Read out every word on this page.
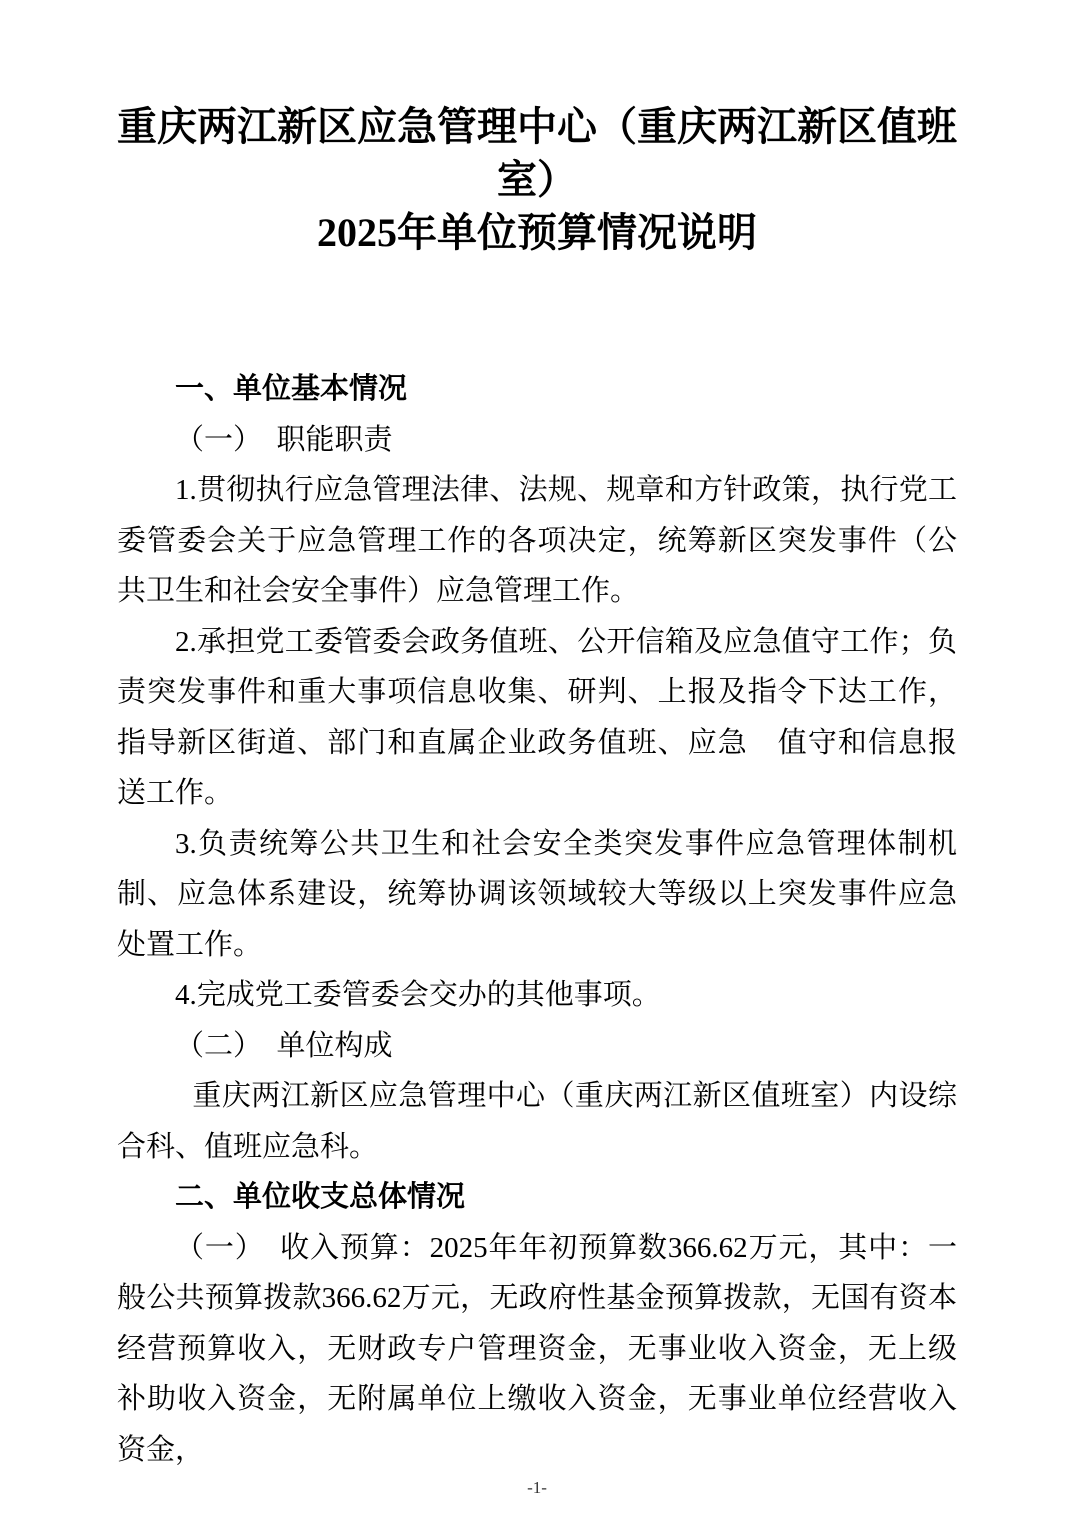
重庆两江新区应急管理中心（重庆两江新区值班
室）
2025年单位预算情况说明

一、单位基本情况

（一）　职能职责

1.贯彻执行应急管理法律、法规、规章和方针政策，执行党工委管委会关于应急管理工作的各项决定，统筹新区突发事件（公共卫生和社会安全事件）应急管理工作。

2.承担党工委管委会政务值班、公开信箱及应急值守工作；负责突发事件和重大事项信息收集、研判、上报及指令下达工作，指导新区街道、部门和直属企业政务值班、应急　值守和信息报送工作。

3.负责统筹公共卫生和社会安全类突发事件应急管理体制机制、应急体系建设，统筹协调该领域较大等级以上突发事件应急处置工作。

4.完成党工委管委会交办的其他事项。

（二）　单位构成

重庆两江新区应急管理中心（重庆两江新区值班室）内设综合科、值班应急科。

二、单位收支总体情况

（一）　收入预算：2025年年初预算数366.62万元，其中：一般公共预算拨款366.62万元，无政府性基金预算拨款，无国有资本经营预算收入，无财政专户管理资金，无事业收入资金，无上级补助收入资金，无附属单位上缴收入资金，无事业单位经营收入资金，

-1-
